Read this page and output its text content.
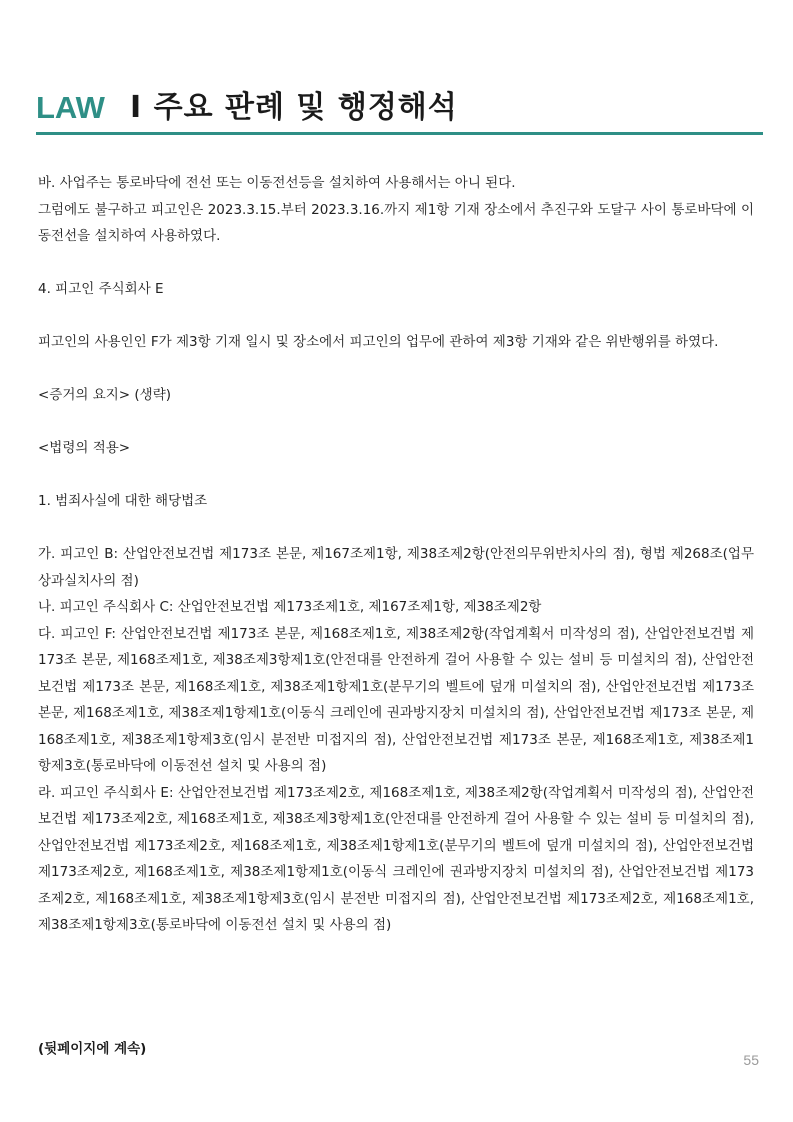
LAW I 주요 판례 및 행정해석

바. 사업주는 통로바닥에 전선 또는 이동전선등을 설치하여 사용해서는 아니 된다.

그럼에도 불구하고 피고인은 2023.3.15.부터 2023.3.16.까지 제1항 기재 장소에서 추진구와 도달구 사이 통로바닥에 이동전선을 설치하여 사용하였다.

4. 피고인 주식회사 E

피고인의 사용인인 F가 제3항 기재 일시 및 장소에서 피고인의 업무에 관하여 제3항 기재와 같은 위반행위를 하였다.

<증거의 요지> (생략)

<법령의 적용>

1. 범죄사실에 대한 해당법조

가. 피고인 B: 산업안전보건법 제173조 본문, 제167조제1항, 제38조제2항(안전의무위반치사의 점), 형법 제268조(업무상과실치사의 점)

나. 피고인 주식회사 C: 산업안전보건법 제173조제1호, 제167조제1항, 제38조제2항

다. 피고인 F: 산업안전보건법 제173조 본문, 제168조제1호, 제38조제2항(작업계획서 미작성의 점), 산업안전보건법 제173조 본문, 제168조제1호, 제38조제3항제1호(안전대를 안전하게 걸어 사용할 수 있는 설비 등 미설치의 점), 산업안전보건법 제173조 본문, 제168조제1호, 제38조제1항제1호(분무기의 벨트에 덮개 미설치의 점), 산업안전보건법 제173조 본문, 제168조제1호, 제38조제1항제1호(이동식 크레인에 권과방지장치 미설치의 점), 산업안전보건법 제173조 본문, 제168조제1호, 제38조제1항제3호(임시 분전반 미접지의 점), 산업안전보건법 제173조 본문, 제168조제1호, 제38조제1항제3호(통로바닥에 이동전선 설치 및 사용의 점)

라. 피고인 주식회사 E: 산업안전보건법 제173조제2호, 제168조제1호, 제38조제2항(작업계획서 미작성의 점), 산업안전보건법 제173조제2호, 제168조제1호, 제38조제3항제1호(안전대를 안전하게 걸어 사용할 수 있는 설비 등 미설치의 점), 산업안전보건법 제173조제2호, 제168조제1호, 제38조제1항제1호(분무기의 벨트에 덮개 미설치의 점), 산업안전보건법 제173조제2호, 제168조제1호, 제38조제1항제1호(이동식 크레인에 권과방지장치 미설치의 점), 산업안전보건법 제173조제2호, 제168조제1호, 제38조제1항제3호(임시 분전반 미접지의 점), 산업안전보건법 제173조제2호, 제168조제1호, 제38조제1항제3호(통로바닥에 이동전선 설치 및 사용의 점)

(뒷페이지에 계속)
55
